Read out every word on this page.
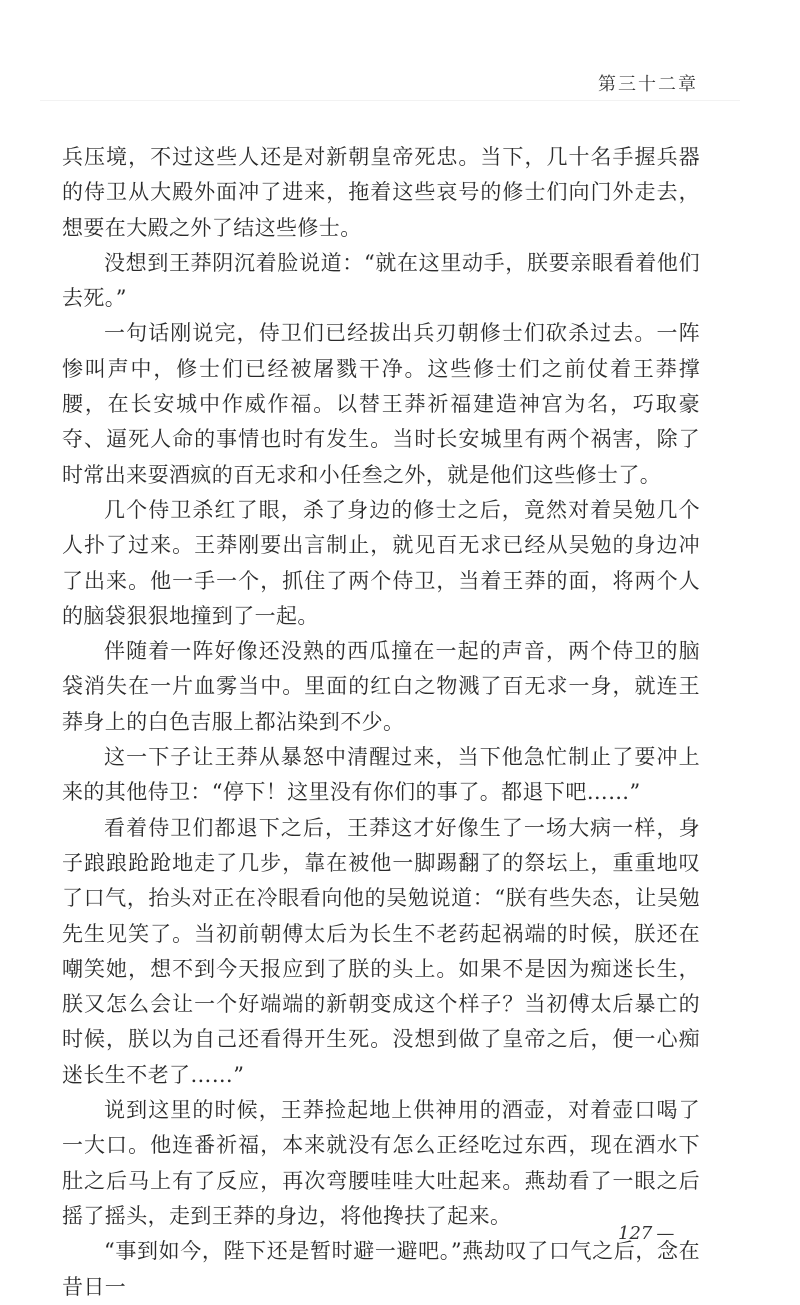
第三十二章

兵压境，不过这些人还是对新朝皇帝死忠。当下，几十名手握兵器的侍卫从大殿外面冲了进来，拖着这些哀号的修士们向门外走去，想要在大殿之外了结这些修士。

没想到王莽阴沉着脸说道：“就在这里动手，朕要亲眼看着他们去死。”

一句话刚说完，侍卫们已经拔出兵刃朝修士们砍杀过去。一阵惨叫声中，修士们已经被屠戮干净。这些修士们之前仗着王莽撑腰，在长安城中作威作福。以替王莽祈福建造神宫为名，巧取豪夺、逼死人命的事情也时有发生。当时长安城里有两个祸害，除了时常出来耍酒疯的百无求和小任叁之外，就是他们这些修士了。

几个侍卫杀红了眼，杀了身边的修士之后，竟然对着吴勉几个人扑了过来。王莽刚要出言制止，就见百无求已经从吴勉的身边冲了出来。他一手一个，抓住了两个侍卫，当着王莽的面，将两个人的脑袋狠狠地撞到了一起。

伴随着一阵好像还没熟的西瓜撞在一起的声音，两个侍卫的脑袋消失在一片血雾当中。里面的红白之物溅了百无求一身，就连王莽身上的白色吉服上都沾染到不少。

这一下子让王莽从暴怒中清醒过来，当下他急忙制止了要冲上来的其他侍卫：“停下！这里没有你们的事了。都退下吧……”

看着侍卫们都退下之后，王莽这才好像生了一场大病一样，身子踉踉跄跄地走了几步，靠在被他一脚踢翻了的祭坛上，重重地叹了口气，抬头对正在冷眼看向他的吴勉说道：“朕有些失态，让吴勉先生见笑了。当初前朝傅太后为长生不老药起祸端的时候，朕还在嘲笑她，想不到今天报应到了朕的头上。如果不是因为痴迷长生，朕又怎么会让一个好端端的新朝变成这个样子？当初傅太后暴亡的时候，朕以为自己还看得开生死。没想到做了皇帝之后，便一心痴迷长生不老了……”

说到这里的时候，王莽捡起地上供神用的酒壶，对着壶口喝了一大口。他连番祈福，本来就没有怎么正经吃过东西，现在酒水下肚之后马上有了反应，再次弯腰哇哇大吐起来。燕劫看了一眼之后摇了摇头，走到王莽的身边，将他搀扶了起来。

“事到如今，陛下还是暂时避一避吧。”燕劫叹了口气之后，念在昔日一

127 —
